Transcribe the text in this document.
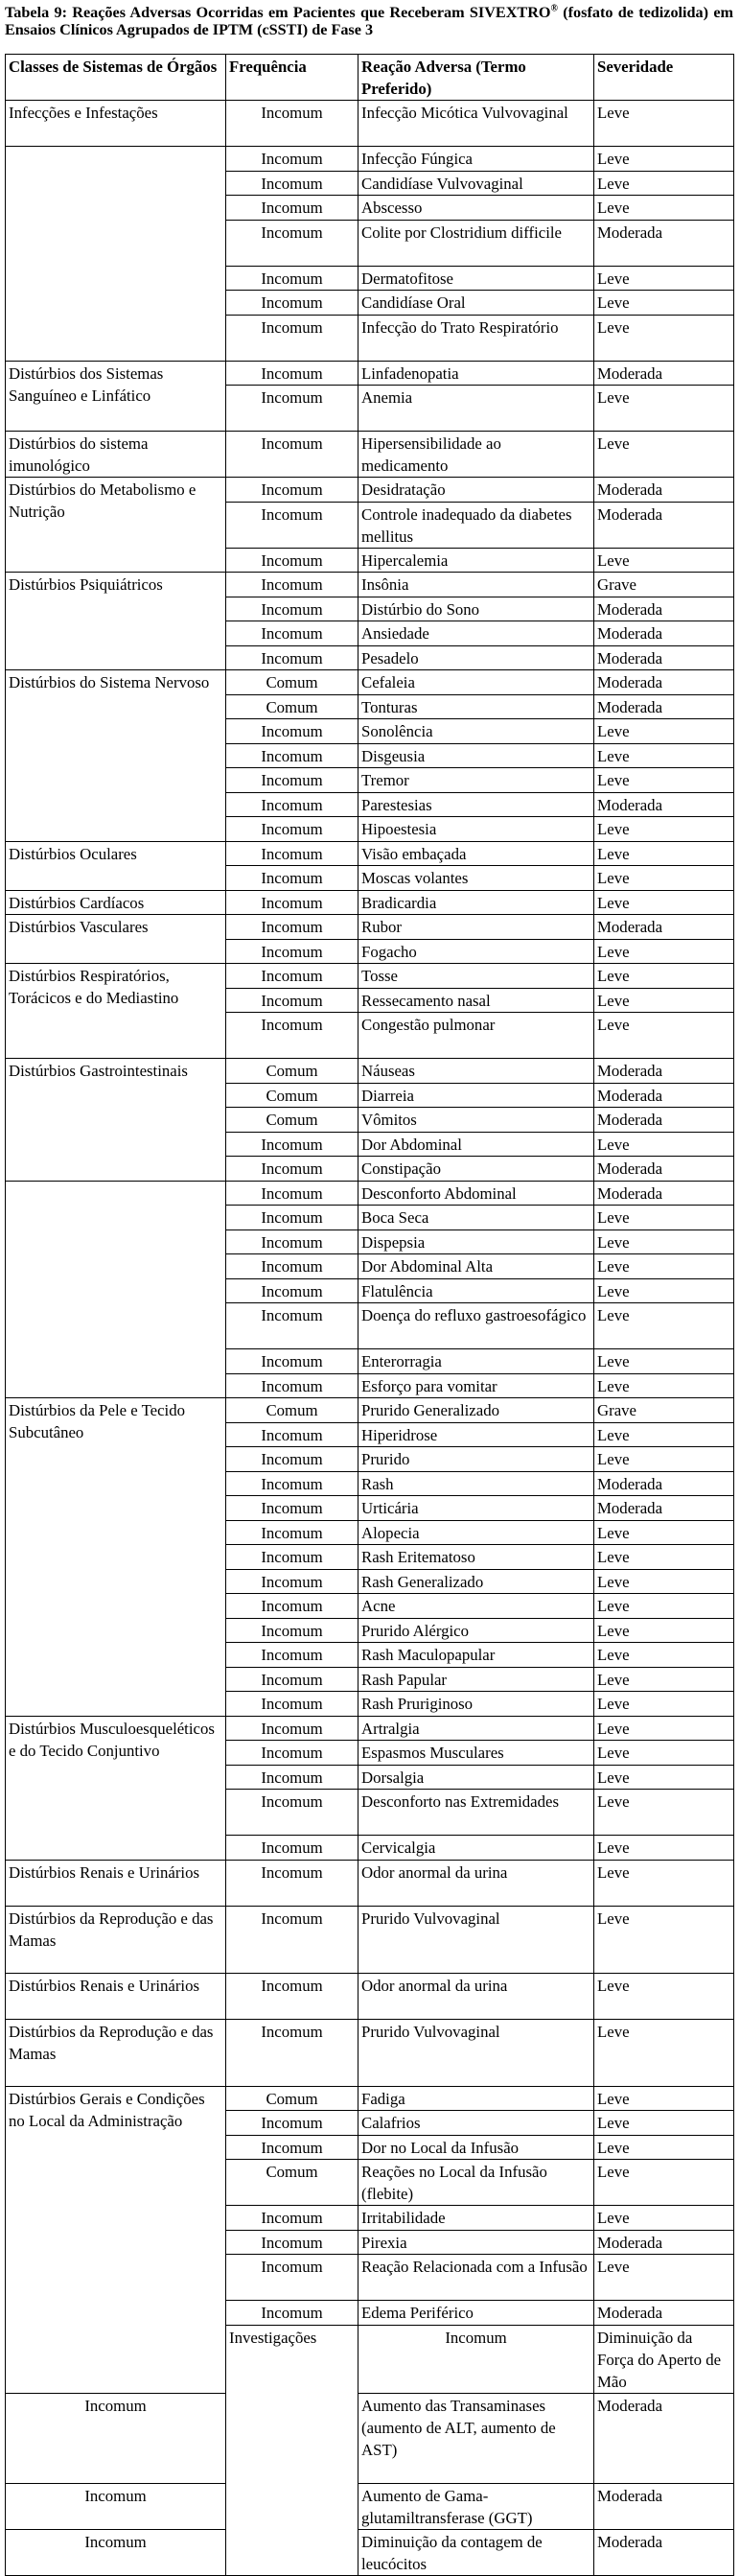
Tabela 9: Reações Adversas Ocorridas em Pacientes que Receberam SIVEXTRO® (fosfato de tedizolida) em Ensaios Clínicos Agrupados de IPTM (cSSTI) de Fase 3
Classes de Sistemas de Órgãos	Frequência	Reação Adversa (Termo Preferido)	Severidade	
Infecções e Infestações	Incomum	Infecção Micótica Vulvovaginal	Leve	
	Incomum	Infecção Fúngica	Leve	
	Incomum	Candidíase Vulvovaginal	Leve	
	Incomum	Abscesso	Leve	
	Incomum	Colite por Clostridium difficile	Moderada	
	Incomum	Dermatofitose	Leve	
	Incomum	Candidíase Oral	Leve	
	Incomum	Infecção do Trato Respiratório	Leve	
Distúrbios dos Sistemas Sanguíneo e Linfático	Incomum	Linfadenopatia	Moderada	
	Incomum	Anemia	Leve	
Distúrbios do sistema imunológico	Incomum	Hipersensibilidade ao medicamento	Leve	
Distúrbios do Metabolismo e Nutrição	Incomum	Desidratação	Moderada	
	Incomum	Controle inadequado da diabetes mellitus	Moderada	
	Incomum	Hipercalemia	Leve	
Distúrbios Psiquiátricos	Incomum	Insônia	Grave	
	Incomum	Distúrbio do Sono	Moderada	
	Incomum	Ansiedade	Moderada	
	Incomum	Pesadelo	Moderada	
Distúrbios do Sistema Nervoso	Comum	Cefaleia	Moderada	
	Comum	Tonturas	Moderada	
	Incomum	Sonolência	Leve	
	Incomum	Disgeusia	Leve	
	Incomum	Tremor	Leve	
	Incomum	Parestesias	Moderada	
	Incomum	Hipoestesia	Leve	
Distúrbios Oculares	Incomum	Visão embaçada	Leve	
	Incomum	Moscas volantes	Leve	
Distúrbios Cardíacos	Incomum	Bradicardia	Leve	
Distúrbios Vasculares	Incomum	Rubor	Moderada	
	Incomum	Fogacho	Leve	
Distúrbios Respiratórios, Torácicos e do Mediastino	Incomum	Tosse	Leve	
	Incomum	Ressecamento nasal	Leve	
	Incomum	Congestão pulmonar	Leve	
Distúrbios Gastrointestinais	Comum	Náuseas	Moderada	
	Comum	Diarreia	Moderada	
	Comum	Vômitos	Moderada	
	Incomum	Dor Abdominal	Leve	
	Incomum	Constipação	Moderada	
	Incomum	Desconforto Abdominal	Moderada	
	Incomum	Boca Seca	Leve	
	Incomum	Dispepsia	Leve	
	Incomum	Dor Abdominal Alta	Leve	
	Incomum	Flatulência	Leve	
	Incomum	Doença do refluxo gastroesofágico	Leve	
	Incomum	Enterorragia	Leve	
	Incomum	Esforço para vomitar	Leve	
Distúrbios da Pele e Tecido Subcutâneo	Comum	Prurido Generalizado	Grave	
	Incomum	Hiperidrose	Leve	
	Incomum	Prurido	Leve	
	Incomum	Rash	Moderada	
	Incomum	Urticária	Moderada	
	Incomum	Alopecia	Leve	
	Incomum	Rash Eritematoso	Leve	
	Incomum	Rash Generalizado	Leve	
	Incomum	Acne	Leve	
	Incomum	Prurido Alérgico	Leve	
	Incomum	Rash Maculopapular	Leve	
	Incomum	Rash Papular	Leve	
	Incomum	Rash Pruriginoso	Leve	
Distúrbios Musculoesqueléticos e do Tecido Conjuntivo	Incomum	Artralgia	Leve	
	Incomum	Espasmos Musculares	Leve	
	Incomum	Dorsalgia	Leve	
	Incomum	Desconforto nas Extremidades	Leve	
	Incomum	Cervicalgia	Leve	
Distúrbios Renais e Urinários	Incomum	Odor anormal da urina	Leve	
Distúrbios da Reprodução e das Mamas	Incomum	Prurido Vulvovaginal	Leve	
Distúrbios Renais e Urinários	Incomum	Odor anormal da urina	Leve	
Distúrbios da Reprodução e das Mamas	Incomum	Prurido Vulvovaginal	Leve	
Distúrbios Gerais e Condições no Local da Administração	Comum	Fadiga	Leve	
	Incomum	Calafrios	Leve	
	Incomum	Dor no Local da Infusão	Leve	
	Comum	Reações no Local da Infusão (flebite)	Leve	
	Incomum	Irritabilidade	Leve	
	Incomum	Pirexia	Moderada	
	Incomum	Reação Relacionada com a Infusão	Leve	
	Incomum	Edema Periférico	Moderada	
	Investigações	Incomum	Diminuição da Força do Aperto de Mão	
Incomum		Aumento das Transaminases (aumento de ALT, aumento de AST)	Moderada	
Incomum		Aumento de Gama-glutamiltransferase (GGT)	Moderada	
Incomum		Diminuição da contagem de leucócitos	Moderada	
